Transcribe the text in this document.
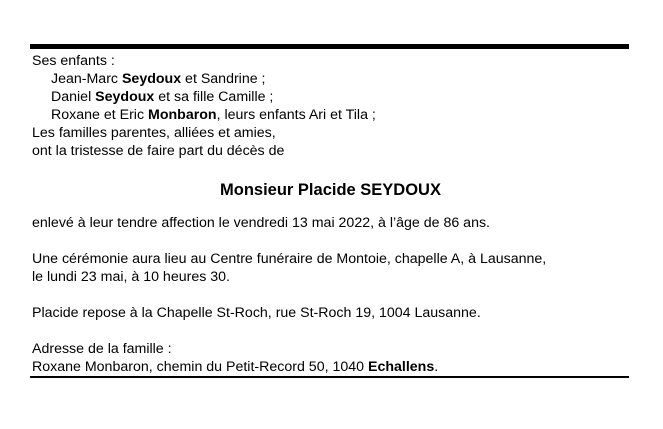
Ses enfants :
Jean-Marc Seydoux et Sandrine ;
Daniel Seydoux et sa fille Camille ;
Roxane et Eric Monbaron, leurs enfants Ari et Tila ;
Les familles parentes, alliées et amies,
ont la tristesse de faire part du décès de
Monsieur Placide SEYDOUX
enlevé à leur tendre affection le vendredi 13 mai 2022, à l’âge de 86 ans.
Une cérémonie aura lieu au Centre funéraire de Montoie, chapelle A, à Lausanne,
le lundi 23 mai, à 10 heures 30.
Placide repose à la Chapelle St-Roch, rue St-Roch 19, 1004 Lausanne.
Adresse de la famille :
Roxane Monbaron, chemin du Petit-Record 50, 1040 Echallens.
